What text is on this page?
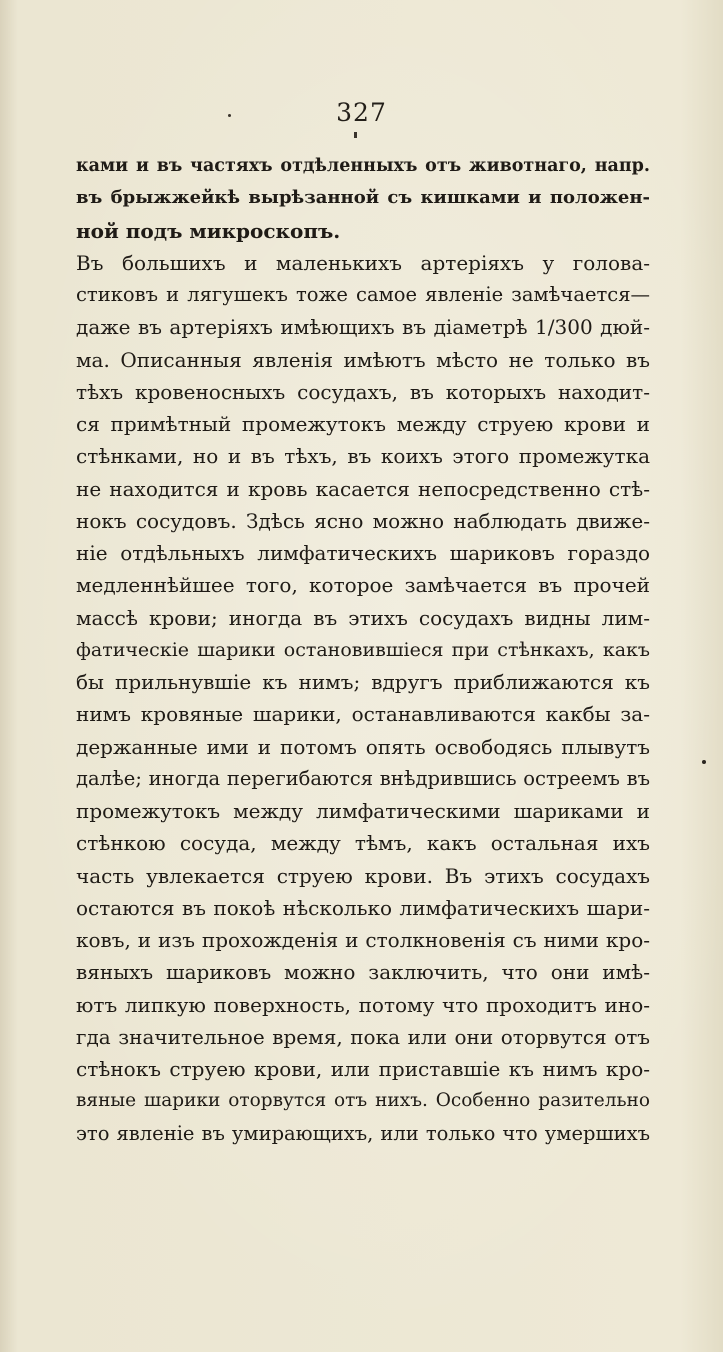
327
ками и въ частяхъ отдѣленныхъ отъ животнаго, напр.
въ брыжжейкѣ вырѣзанной съ кишками и положен-
ной подъ микроскопъ.
Въ большихъ и маленькихъ артеріяхъ у голова-
стиковъ и лягушекъ тоже самое явленіе замѣчается—
даже въ артеріяхъ имѣющихъ въ діаметрѣ 1/300 дюй-
ма. Описанныя явленія имѣютъ мѣсто не только въ
тѣхъ кровеносныхъ сосудахъ, въ которыхъ находит-
ся примѣтный промежутокъ между струею крови и
стѣнками, но и въ тѣхъ, въ коихъ этого промежутка
не находится и кровь касается непосредственно стѣ-
нокъ сосудовъ. Здѣсь ясно можно наблюдать движе-
ніе отдѣльныхъ лимфатическихъ шариковъ гораздо
медленнѣйшее того, которое замѣчается въ прочей
массѣ крови; иногда въ этихъ сосудахъ видны лим-
фатическіе шарики остановившіеся при стѣнкахъ, какъ
бы прильнувшіе къ нимъ; вдругъ приближаются къ
нимъ кровяные шарики, останавливаются какбы за-
держанные ими и потомъ опять освободясь плывутъ
далѣе; иногда перегибаются внѣдрившись остреемъ въ
промежутокъ между лимфатическими шариками и
стѣнкою сосуда, между тѣмъ, какъ остальная ихъ
часть увлекается струею крови. Въ этихъ сосудахъ
остаются въ покоѣ нѣсколько лимфатическихъ шари-
ковъ, и изъ прохожденія и столкновенія съ ними кро-
вяныхъ шариковъ можно заключить, что они имѣ-
ютъ липкую поверхность, потому что проходитъ ино-
гда значительное время, пока или они оторвутся отъ
стѣнокъ струею крови, или приставшіе къ нимъ кро-
вяные шарики оторвутся отъ нихъ. Особенно разительно
это явленіе въ умирающихъ, или только что умершихъ
